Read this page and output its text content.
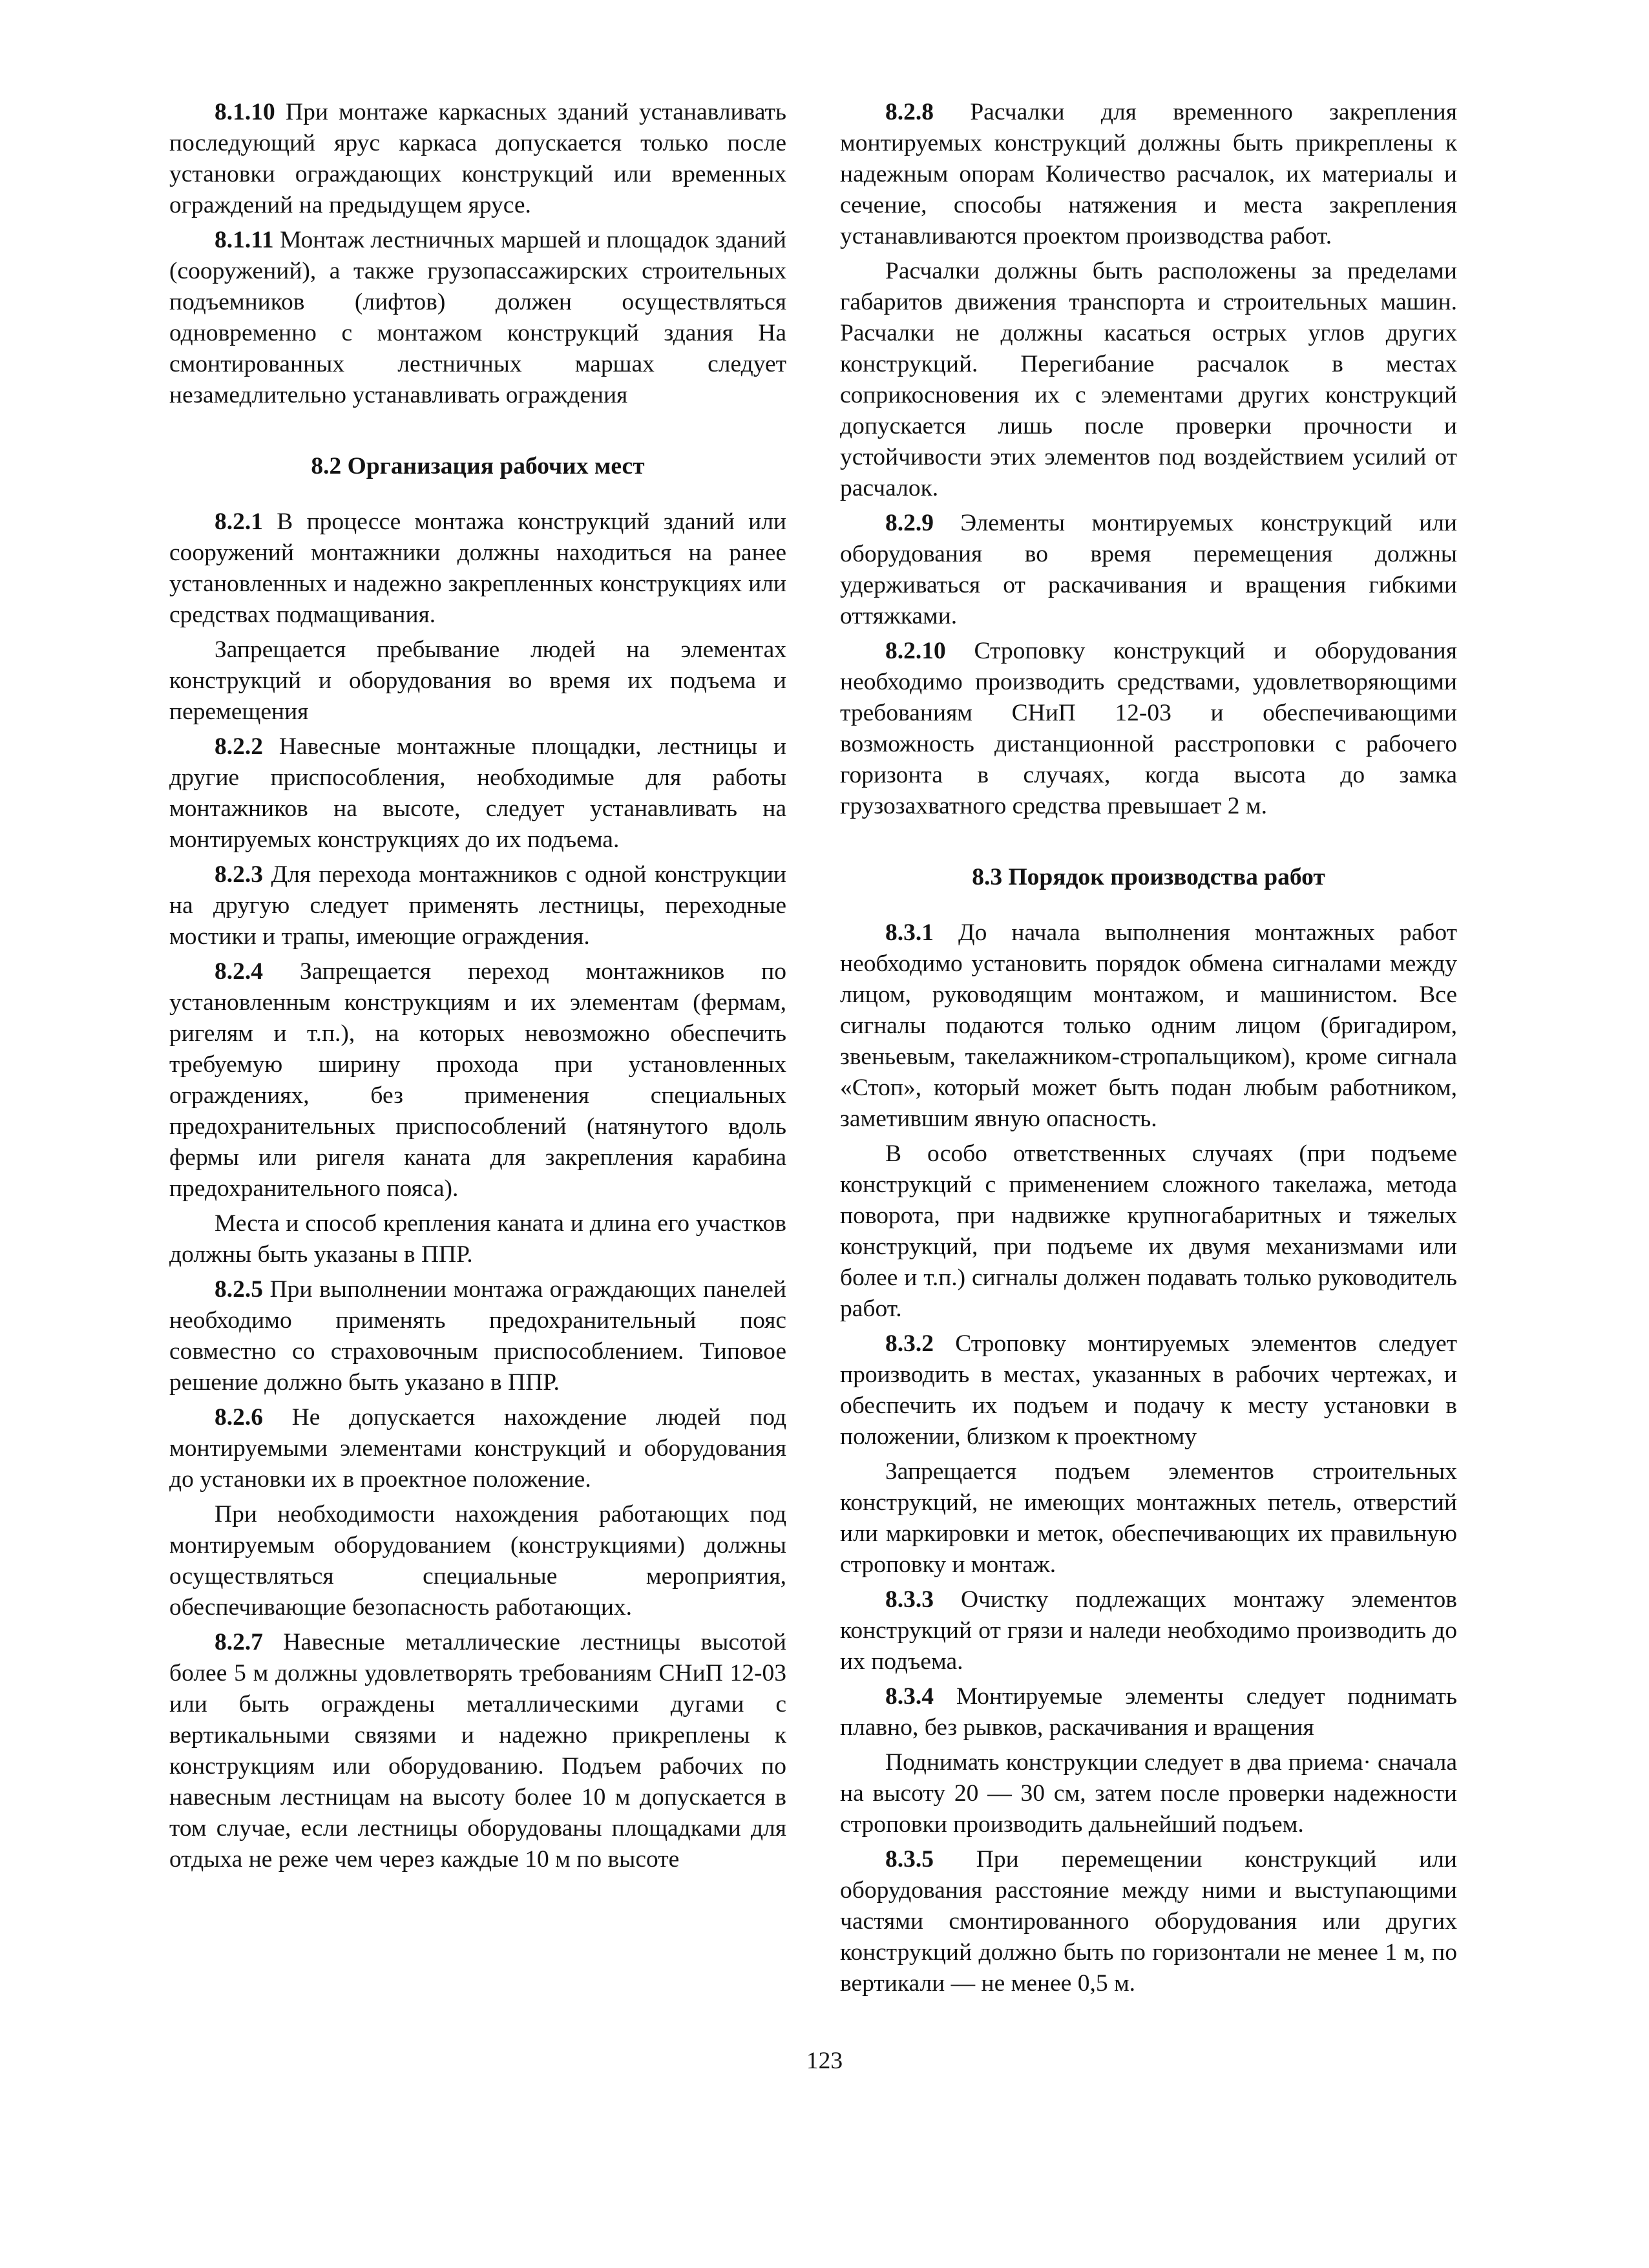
8.1.10 При монтаже каркасных зданий устанавливать последующий ярус каркаса допускается только после установки ограждающих конструкций или временных ограждений на предыдущем ярусе.

8.1.11 Монтаж лестничных маршей и площадок зданий (сооружений), а также грузопассажирских строительных подъемников (лифтов) должен осуществляться одновременно с монтажом конструкций здания На смонтированных лестничных маршах следует незамедлительно устанавливать ограждения

8.2 Организация рабочих мест

8.2.1 В процессе монтажа конструкций зданий или сооружений монтажники должны находиться на ранее установленных и надежно закрепленных конструкциях или средствах подмащивания.

Запрещается пребывание людей на элементах конструкций и оборудования во время их подъема и перемещения

8.2.2 Навесные монтажные площадки, лестницы и другие приспособления, необходимые для работы монтажников на высоте, следует устанавливать на монтируемых конструкциях до их подъема.

8.2.3 Для перехода монтажников с одной конструкции на другую следует применять лестницы, переходные мостики и трапы, имеющие ограждения.

8.2.4 Запрещается переход монтажников по установленным конструкциям и их элементам (фермам, ригелям и т.п.), на которых невозможно обеспечить требуемую ширину прохода при установленных ограждениях, без применения специальных предохранительных приспособлений (натянутого вдоль фермы или ригеля каната для закрепления карабина предохранительного пояса).

Места и способ крепления каната и длина его участков должны быть указаны в ППР.

8.2.5 При выполнении монтажа ограждающих панелей необходимо применять предохранительный пояс совместно со страховочным приспособлением. Типовое решение должно быть указано в ППР.

8.2.6 Не допускается нахождение людей под монтируемыми элементами конструкций и оборудования до установки их в проектное положение.

При необходимости нахождения работающих под монтируемым оборудованием (конструкциями) должны осуществляться специальные мероприятия, обеспечивающие безопасность работающих.

8.2.7 Навесные металлические лестницы высотой более 5 м должны удовлетворять требованиям СНиП 12-03 или быть ограждены металлическими дугами с вертикальными связями и надежно прикреплены к конструкциям или оборудованию. Подъем рабочих по навесным лестницам на высоту более 10 м допускается в том случае, если лестницы оборудованы площадками для отдыха не реже чем через каждые 10 м по высоте

8.2.8 Расчалки для временного закрепления монтируемых конструкций должны быть прикреплены к надежным опорам Количество расчалок, их материалы и сечение, способы натяжения и места закрепления устанавливаются проектом производства работ.

Расчалки должны быть расположены за пределами габаритов движения транспорта и строительных машин. Расчалки не должны касаться острых углов других конструкций. Перегибание расчалок в местах соприкосновения их с элементами других конструкций допускается лишь после проверки прочности и устойчивости этих элементов под воздействием усилий от расчалок.

8.2.9 Элементы монтируемых конструкций или оборудования во время перемещения должны удерживаться от раскачивания и вращения гибкими оттяжками.

8.2.10 Строповку конструкций и оборудования необходимо производить средствами, удовлетворяющими требованиям СНиП 12-03 и обеспечивающими возможность дистанционной расстроповки с рабочего горизонта в случаях, когда высота до замка грузозахватного средства превышает 2 м.

8.3 Порядок производства работ

8.3.1 До начала выполнения монтажных работ необходимо установить порядок обмена сигналами между лицом, руководящим монтажом, и машинистом. Все сигналы подаются только одним лицом (бригадиром, звеньевым, такелажником-стропальщиком), кроме сигнала «Стоп», который может быть подан любым работником, заметившим явную опасность.

В особо ответственных случаях (при подъеме конструкций с применением сложного такелажа, метода поворота, при надвижке крупногабаритных и тяжелых конструкций, при подъеме их двумя механизмами или более и т.п.) сигналы должен подавать только руководитель работ.

8.3.2 Строповку монтируемых элементов следует производить в местах, указанных в рабочих чертежах, и обеспечить их подъем и подачу к месту установки в положении, близком к проектному

Запрещается подъем элементов строительных конструкций, не имеющих монтажных петель, отверстий или маркировки и меток, обеспечивающих их правильную строповку и монтаж.

8.3.3 Очистку подлежащих монтажу элементов конструкций от грязи и наледи необходимо производить до их подъема.

8.3.4 Монтируемые элементы следует поднимать плавно, без рывков, раскачивания и вращения

Поднимать конструкции следует в два приема· сначала на высоту 20 — 30 см, затем после проверки надежности строповки производить дальнейший подъем.

8.3.5 При перемещении конструкций или оборудования расстояние между ними и выступающими частями смонтированного оборудования или других конструкций должно быть по горизонтали не менее 1 м, по вертикали — не менее 0,5 м.

123
